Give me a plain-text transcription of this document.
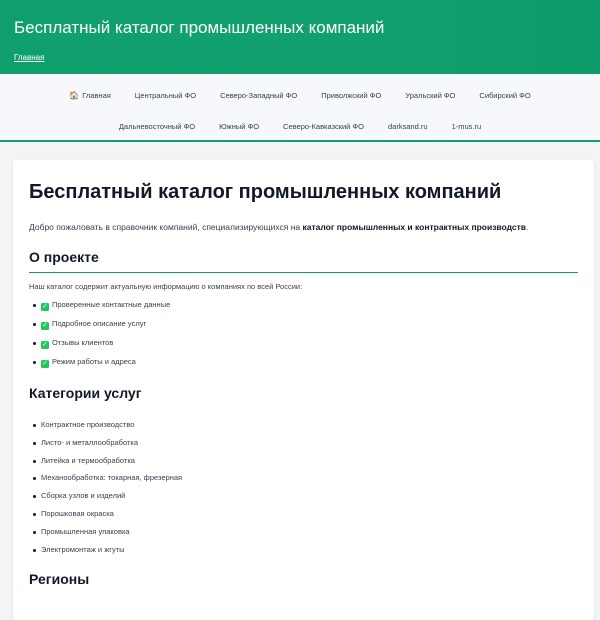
Бесплатный каталог промышленных компаний
Главная
🏠 Главная	Центральный ФО	Северо-Западный ФО	Приволжский ФО	Уральский ФО	Сибирский ФО
Дальневосточный ФО	Южный ФО	Северо-Кавказский ФО	darksand.ru	1-mus.ru
Бесплатный каталог промышленных компаний

Добро пожаловать в справочник компаний, специализирующихся на каталог промышленных и контрактных производств.

О проекте

Наш каталог содержит актуальную информацию о компаниях по всей России:

✓ Проверенные контактные данные
✓ Подробное описание услуг
✓ Отзывы клиентов
✓ Режим работы и адреса
Категории услуг
Контрактное производство
Листо- и металлообработка
Литейка и термообработка
Механообработка: токарная, фрезерная
Сборка узлов и изделий
Порошковая окраска
Промышленная упаковка
Электромонтаж и жгуты
Регионы
